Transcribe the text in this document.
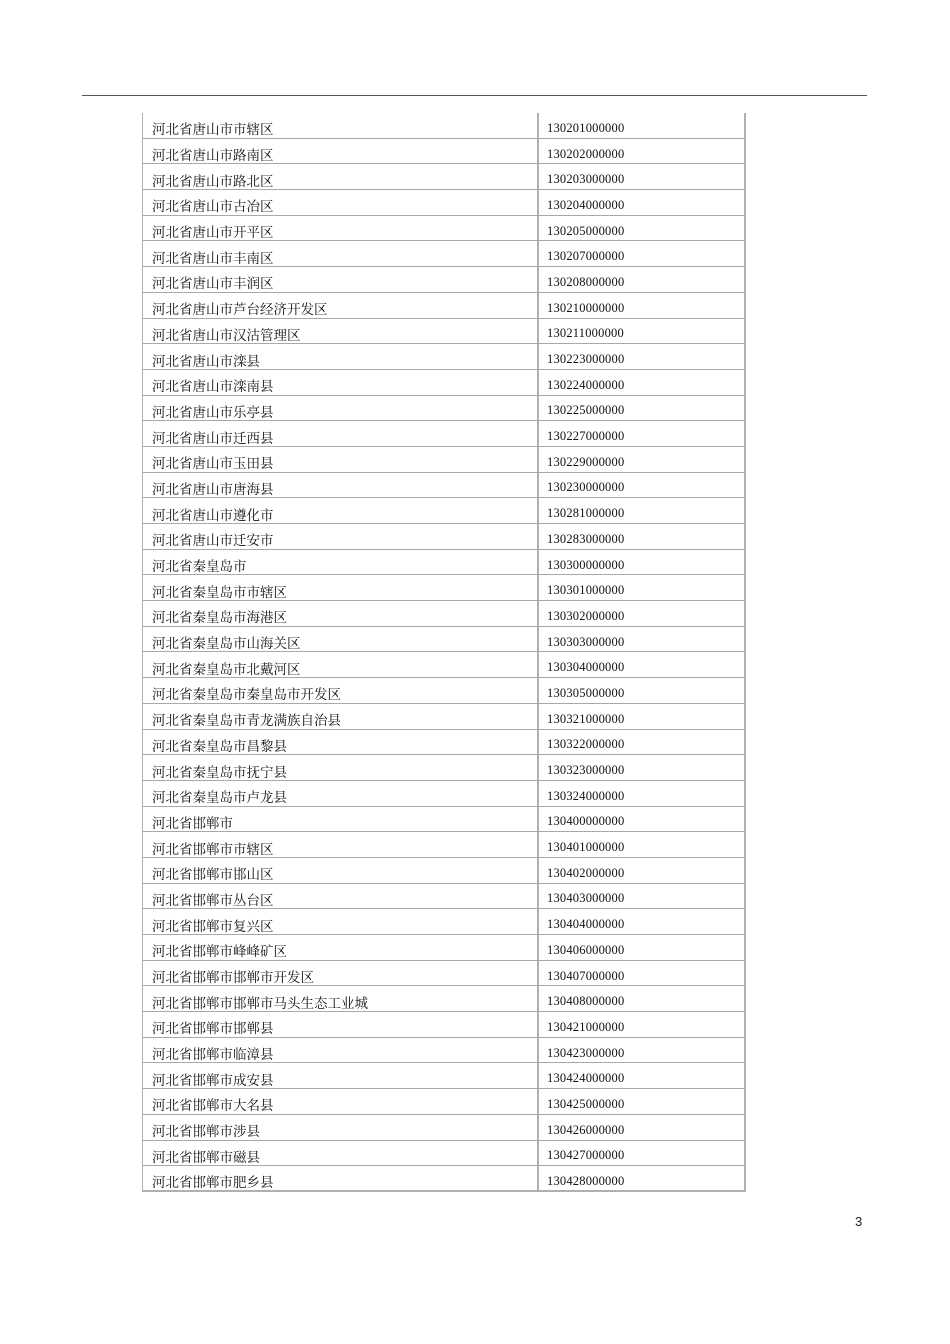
河北省唐山市市辖区	130201000000
河北省唐山市路南区	130202000000
河北省唐山市路北区	130203000000
河北省唐山市古冶区	130204000000
河北省唐山市开平区	130205000000
河北省唐山市丰南区	130207000000
河北省唐山市丰润区	130208000000
河北省唐山市芦台经济开发区	130210000000
河北省唐山市汉沽管理区	130211000000
河北省唐山市滦县	130223000000
河北省唐山市滦南县	130224000000
河北省唐山市乐亭县	130225000000
河北省唐山市迁西县	130227000000
河北省唐山市玉田县	130229000000
河北省唐山市唐海县	130230000000
河北省唐山市遵化市	130281000000
河北省唐山市迁安市	130283000000
河北省秦皇岛市	130300000000
河北省秦皇岛市市辖区	130301000000
河北省秦皇岛市海港区	130302000000
河北省秦皇岛市山海关区	130303000000
河北省秦皇岛市北戴河区	130304000000
河北省秦皇岛市秦皇岛市开发区	130305000000
河北省秦皇岛市青龙满族自治县	130321000000
河北省秦皇岛市昌黎县	130322000000
河北省秦皇岛市抚宁县	130323000000
河北省秦皇岛市卢龙县	130324000000
河北省邯郸市	130400000000
河北省邯郸市市辖区	130401000000
河北省邯郸市邯山区	130402000000
河北省邯郸市丛台区	130403000000
河北省邯郸市复兴区	130404000000
河北省邯郸市峰峰矿区	130406000000
河北省邯郸市邯郸市开发区	130407000000
河北省邯郸市邯郸市马头生态工业城	130408000000
河北省邯郸市邯郸县	130421000000
河北省邯郸市临漳县	130423000000
河北省邯郸市成安县	130424000000
河北省邯郸市大名县	130425000000
河北省邯郸市涉县	130426000000
河北省邯郸市磁县	130427000000
河北省邯郸市肥乡县	130428000000
3
